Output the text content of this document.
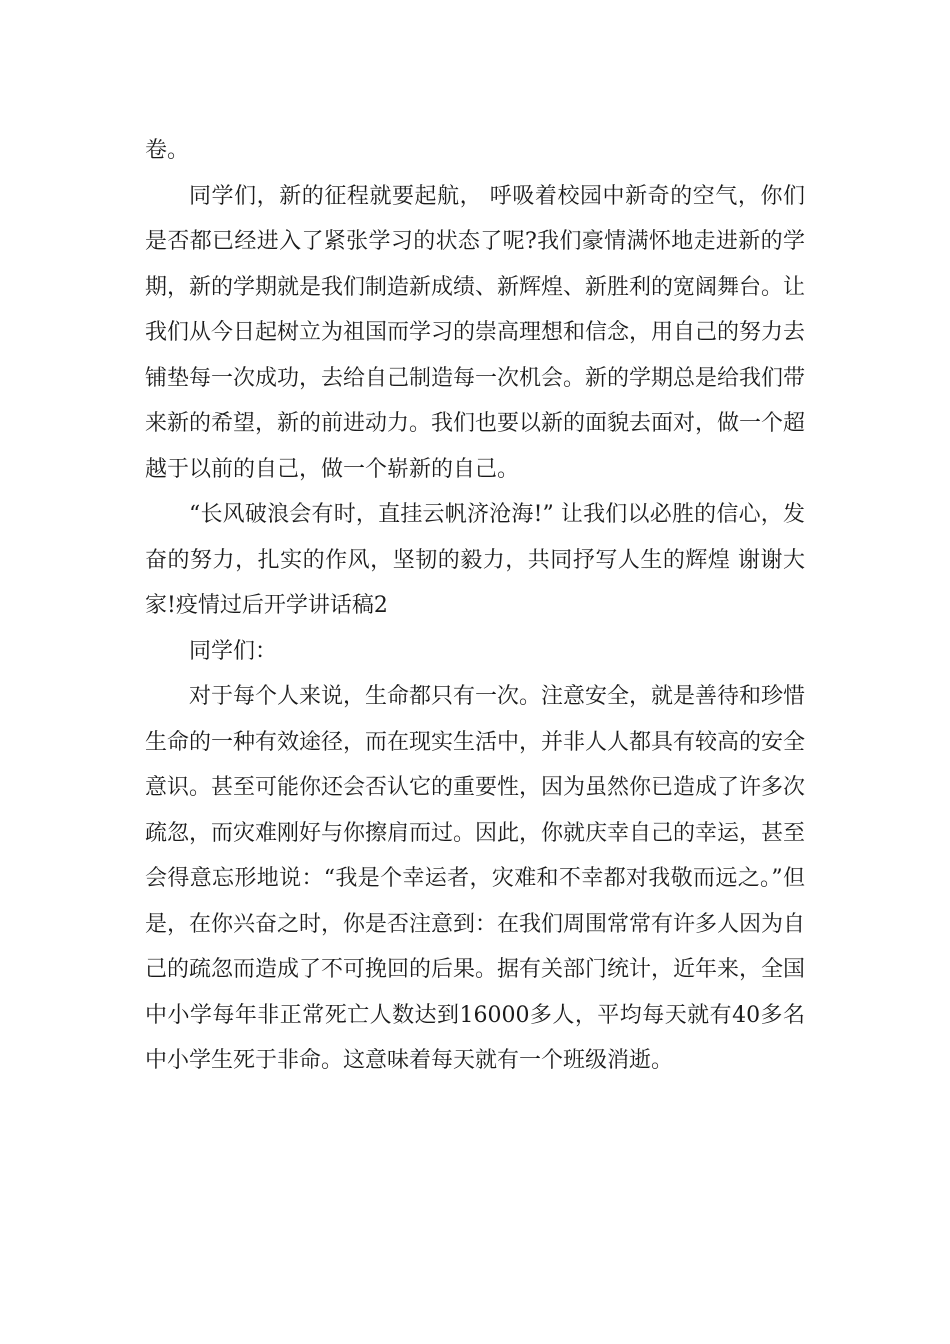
卷。

同学们，新的征程就要起航， 呼吸着校园中新奇的空气，你们是否都已经进入了紧张学习的状态了呢?我们豪情满怀地走进新的学期，新的学期就是我们制造新成绩、新辉煌、新胜利的宽阔舞台。让我们从今日起树立为祖国而学习的崇高理想和信念，用自己的努力去铺垫每一次成功，去给自己制造每一次机会。新的学期总是给我们带来新的希望，新的前进动力。我们也要以新的面貌去面对，做一个超越于以前的自己，做一个崭新的自己。

“长风破浪会有时，直挂云帆济沧海!” 让我们以必胜的信心，发奋的努力，扎实的作风，坚韧的毅力，共同抒写人生的辉煌 谢谢大家!疫情过后开学讲话稿2

同学们：

对于每个人来说，生命都只有一次。注意安全，就是善待和珍惜生命的一种有效途径，而在现实生活中，并非人人都具有较高的安全意识。甚至可能你还会否认它的重要性，因为虽然你已造成了许多次疏忽，而灾难刚好与你擦肩而过。因此，你就庆幸自己的幸运，甚至会得意忘形地说：“我是个幸运者，灾难和不幸都对我敬而远之。”但是，在你兴奋之时，你是否注意到：在我们周围常常有许多人因为自己的疏忽而造成了不可挽回的后果。据有关部门统计，近年来，全国中小学每年非正常死亡人数达到16000多人，平均每天就有40多名中小学生死于非命。这意味着每天就有一个班级消逝。
